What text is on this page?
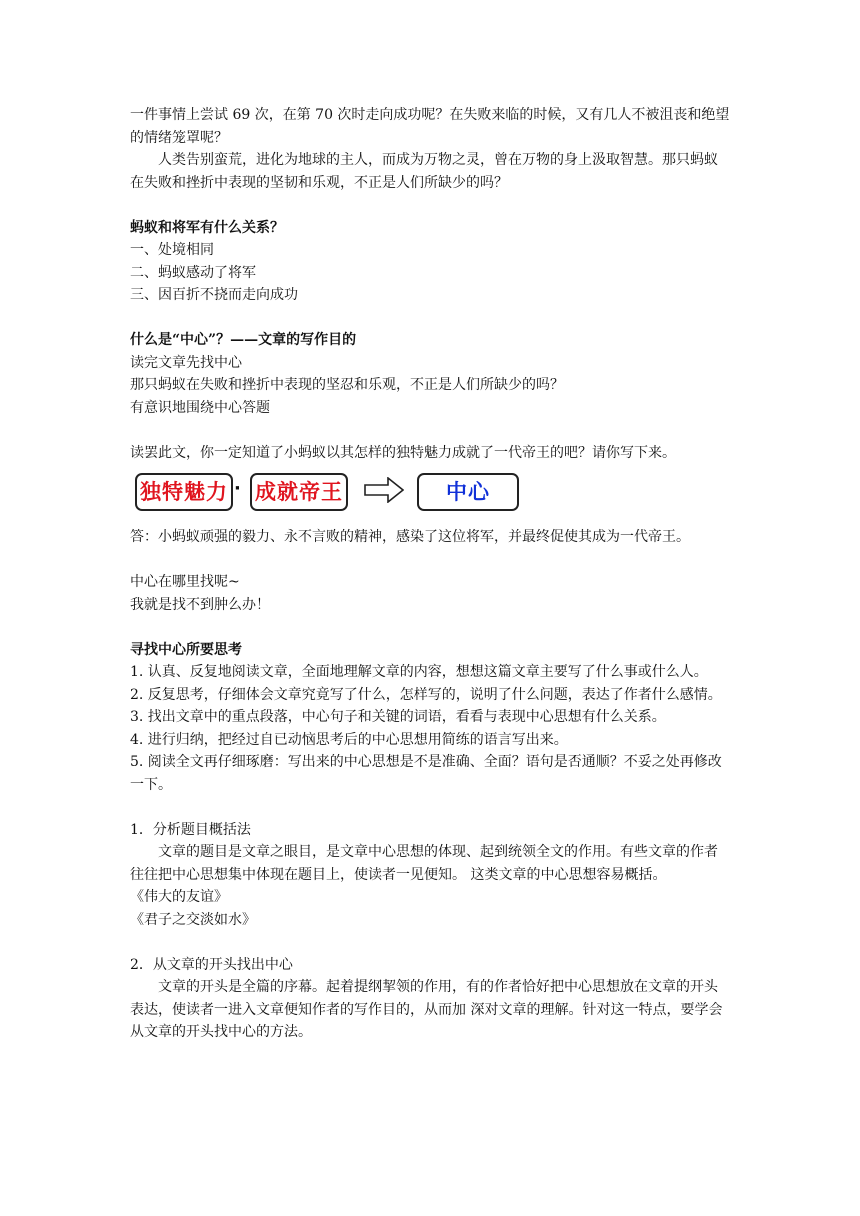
一件事情上尝试 69 次，在第 70 次时走向成功呢？在失败来临的时候，又有几人不被沮丧和绝望的情绪笼罩呢？

人类告别蛮荒，进化为地球的主人，而成为万物之灵，曾在万物的身上汲取智慧。那只蚂蚁在失败和挫折中表现的坚韧和乐观，不正是人们所缺少的吗？

蚂蚁和将军有什么关系？

一、处境相同

二、蚂蚁感动了将军

三、因百折不挠而走向成功

什么是“中心”？——文章的写作目的

读完文章先找中心

那只蚂蚁在失败和挫折中表现的坚忍和乐观，不正是人们所缺少的吗？

有意识地围绕中心答题

读罢此文，你一定知道了小蚂蚁以其怎样的独特魅力成就了一代帝王的吧？请你写下来。

独特魅力 · 成就帝王	中心

答：小蚂蚁顽强的毅力、永不言败的精神，感染了这位将军，并最终促使其成为一代帝王。

中心在哪里找呢~

我就是找不到肿么办！

寻找中心所要思考

1. 认真、反复地阅读文章，全面地理解文章的内容，想想这篇文章主要写了什么事或什么人。

2. 反复思考，仔细体会文章究竟写了什么，怎样写的，说明了什么问题，表达了作者什么感情。

3. 找出文章中的重点段落，中心句子和关键的词语，看看与表现中心思想有什么关系。

4. 进行归纳，把经过自已动恼思考后的中心思想用简练的语言写出来。

5. 阅读全文再仔细琢磨：写出来的中心思想是不是准确、全面？语句是否通顺？不妥之处再修改一下。

1．分析题目概括法

文章的题目是文章之眼目，是文章中心思想的体现、起到统领全文的作用。有些文章的作者往往把中心思想集中体现在题目上，使读者一见便知。 这类文章的中心思想容易概括。

《伟大的友谊》

《君子之交淡如水》

2．从文章的开头找出中心

文章的开头是全篇的序幕。起着提纲挈领的作用，有的作者恰好把中心思想放在文章的开头表达，使读者一进入文章便知作者的写作目的，从而加 深对文章的理解。针对这一特点，要学会从文章的开头找中心的方法。
